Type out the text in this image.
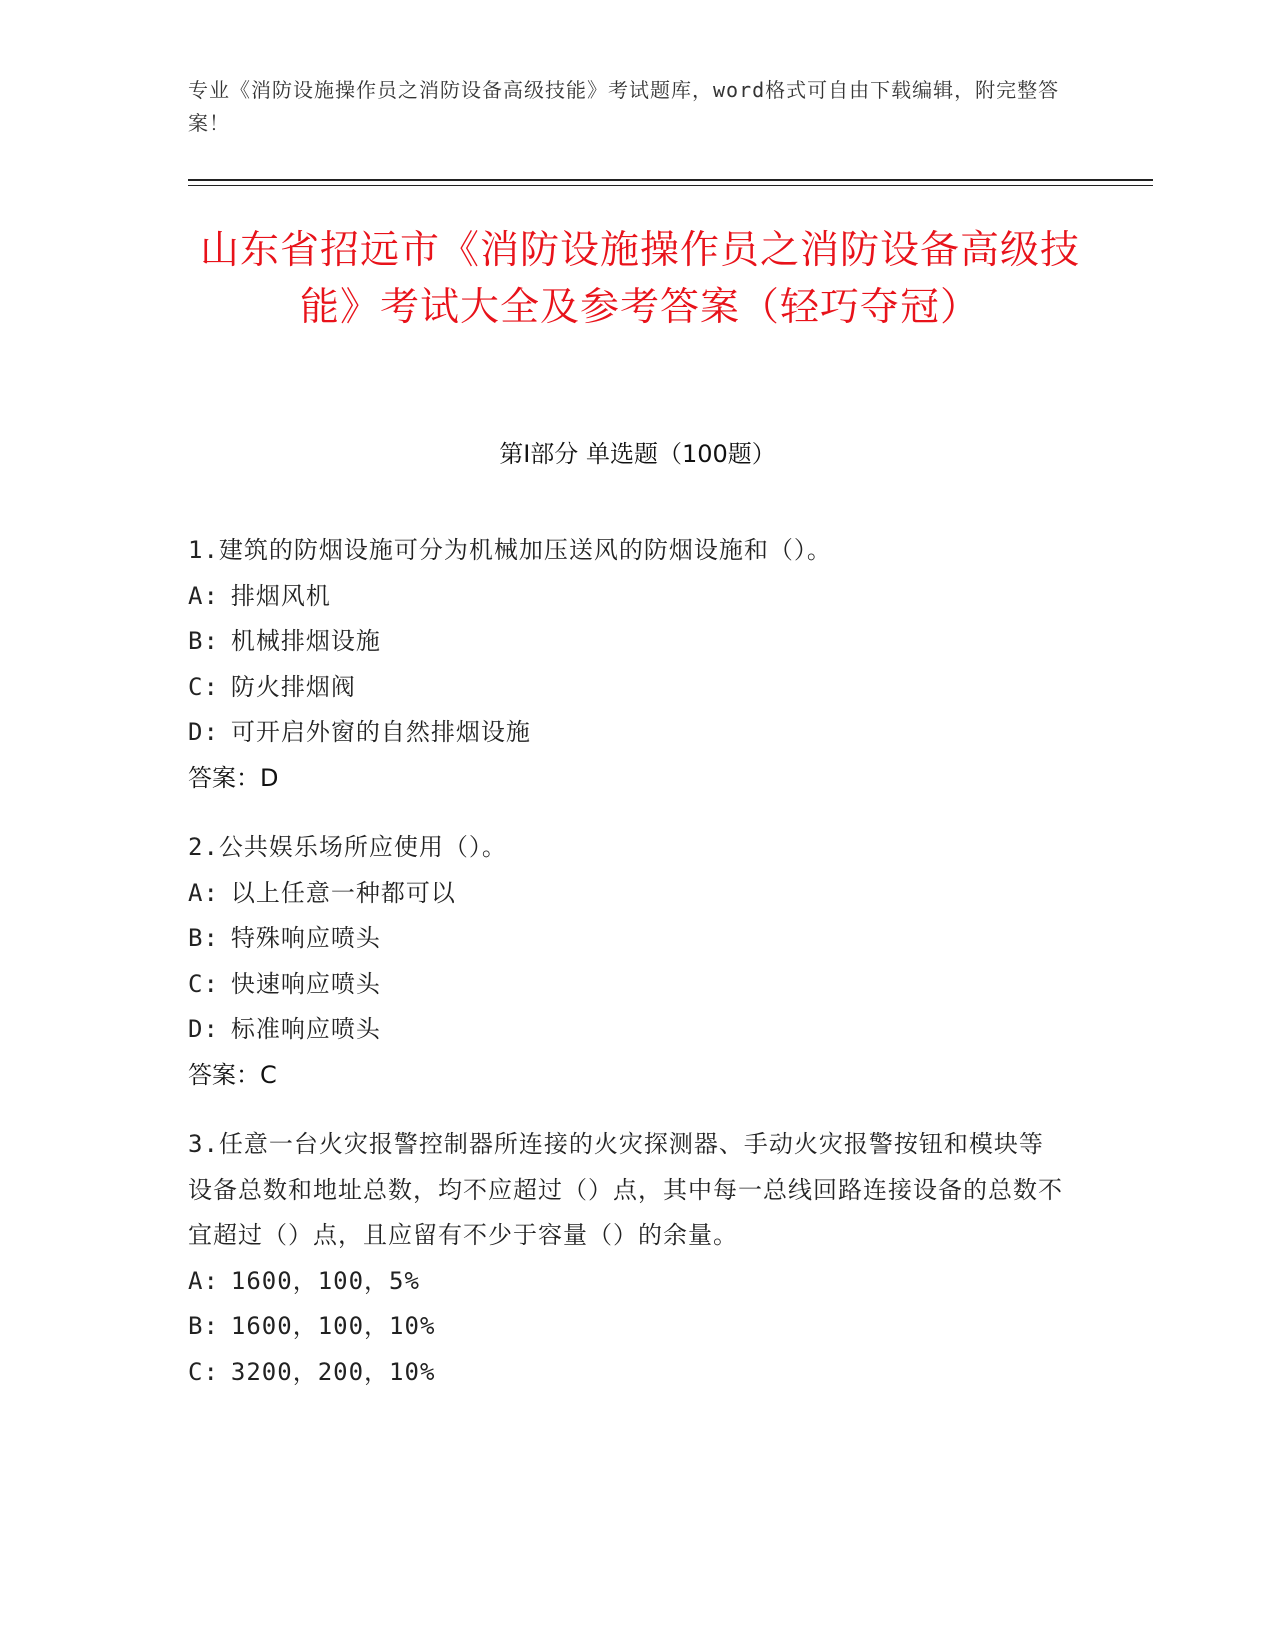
专业《消防设施操作员之消防设备高级技能》考试题库，word格式可自由下载编辑，附完整答案！
山东省招远市《消防设施操作员之消防设备高级技能》考试大全及参考答案（轻巧夺冠）
第Ⅰ部分 单选题（100题）
1.建筑的防烟设施可分为机械加压送风的防烟设施和（）。
A: 排烟风机
B: 机械排烟设施
C: 防火排烟阀
D: 可开启外窗的自然排烟设施
答案：D
2.公共娱乐场所应使用（）。
A: 以上任意一种都可以
B: 特殊响应喷头
C: 快速响应喷头
D: 标准响应喷头
答案：C
3.任意一台火灾报警控制器所连接的火灾探测器、手动火灾报警按钮和模块等设备总数和地址总数，均不应超过（）点，其中每一总线回路连接设备的总数不宜超过（）点，且应留有不少于容量（）的余量。
A: 1600，100，5%
B: 1600，100，10%
C: 3200，200，10%
